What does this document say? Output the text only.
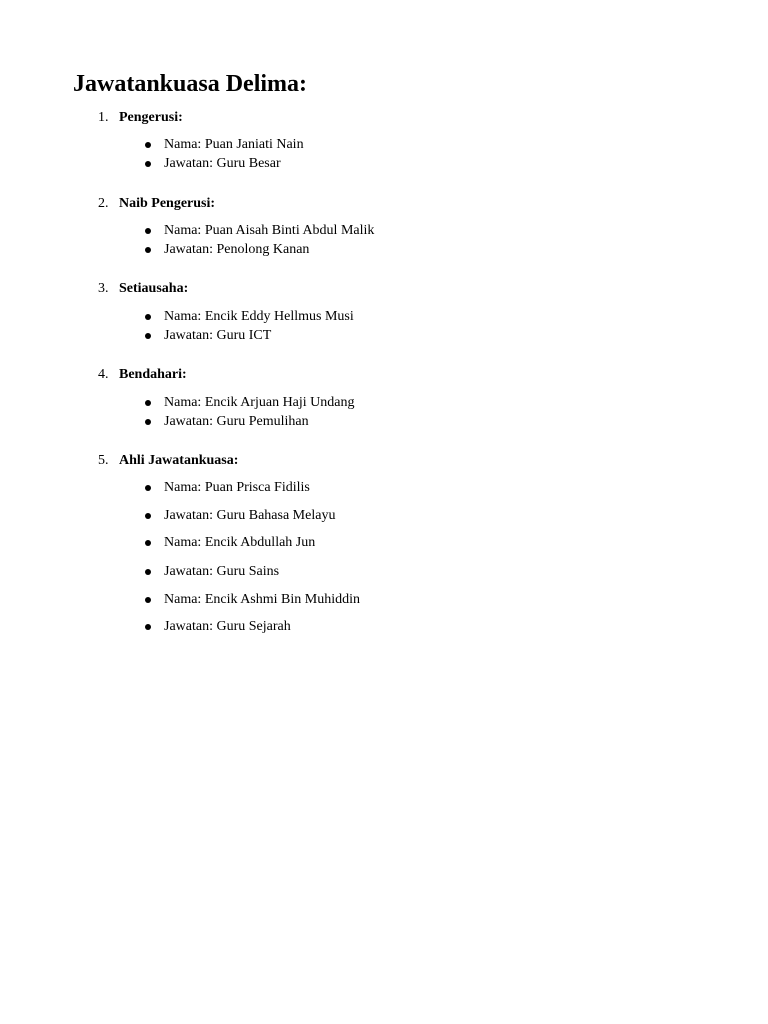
Jawatankuasa Delima:
1. Pengerusi:
Nama: Puan Janiati Nain
Jawatan: Guru Besar
2. Naib Pengerusi:
Nama: Puan Aisah Binti Abdul Malik
Jawatan: Penolong Kanan
3. Setiausaha:
Nama: Encik Eddy Hellmus Musi
Jawatan: Guru ICT
4. Bendahari:
Nama: Encik Arjuan Haji Undang
Jawatan: Guru Pemulihan
5. Ahli Jawatankuasa:
Nama: Puan Prisca Fidilis
Jawatan: Guru Bahasa Melayu
Nama: Encik Abdullah Jun
Jawatan: Guru Sains
Nama: Encik Ashmi Bin Muhiddin
Jawatan: Guru Sejarah
